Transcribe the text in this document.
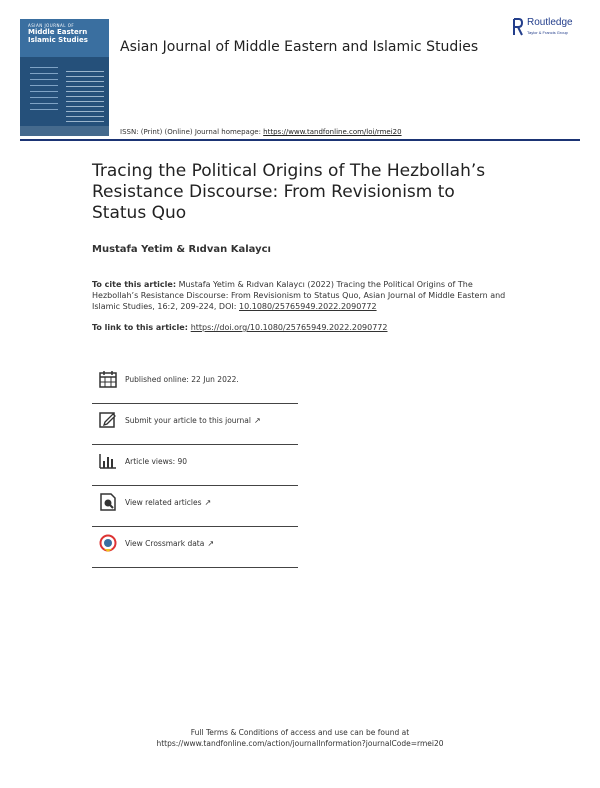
ASIAN JOURNAL OF
Middle Eastern
Islamic Studies
Routledge
Taylor & Francis Group
Asian Journal of Middle Eastern and Islamic Studies
ISSN: (Print) (Online) Journal homepage: https://www.tandfonline.com/loi/rmei20
Tracing the Political Origins of The Hezbollah’s Resistance Discourse: From Revisionism to Status Quo
Mustafa Yetim & Rıdvan Kalaycı
To cite this article: Mustafa Yetim & Rıdvan Kalaycı (2022) Tracing the Political Origins of The Hezbollah’s Resistance Discourse: From Revisionism to Status Quo, Asian Journal of Middle Eastern and Islamic Studies, 16:2, 209-224, DOI: 10.1080/25765949.2022.2090772
To link to this article: https://doi.org/10.1080/25765949.2022.2090772
Published online: 22 Jun 2022.
Submit your article to this journal ↗
Article views: 90
View related articles ↗
View Crossmark data ↗
Full Terms & Conditions of access and use can be found at
https://www.tandfonline.com/action/journalInformation?journalCode=rmei20
